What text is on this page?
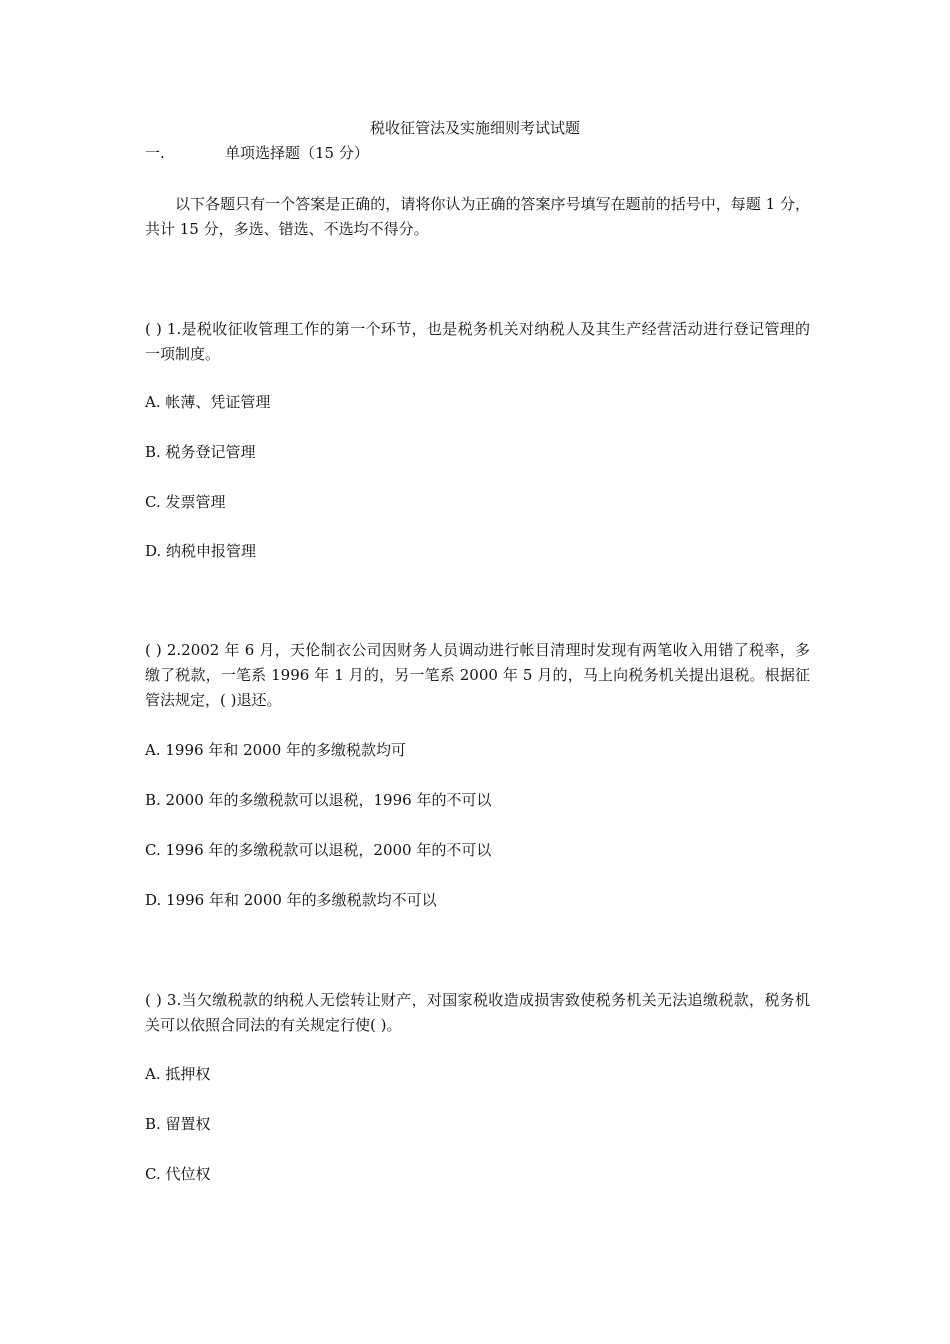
税收征管法及实施细则考试试题
一.	单项选择题（15 分）
以下各题只有一个答案是正确的，请将你认为正确的答案序号填写在题前的括号中，每题 1 分，共计 15 分，多选、错选、不选均不得分。
( ) 1.是税收征收管理工作的第一个环节，也是税务机关对纳税人及其生产经营活动进行登记管理的一项制度。
A. 帐薄、凭证管理
B. 税务登记管理
C. 发票管理
D. 纳税申报管理
( ) 2.2002 年 6 月，天伦制衣公司因财务人员调动进行帐目清理时发现有两笔收入用错了税率，多缴了税款，一笔系 1996 年 1 月的，另一笔系 2000 年 5 月的，马上向税务机关提出退税。根据征管法规定，( )退还。
A. 1996 年和 2000 年的多缴税款均可
B. 2000 年的多缴税款可以退税，1996 年的不可以
C. 1996 年的多缴税款可以退税，2000 年的不可以
D. 1996 年和 2000 年的多缴税款均不可以
( ) 3.当欠缴税款的纳税人无偿转让财产，对国家税收造成损害致使税务机关无法追缴税款，税务机关可以依照合同法的有关规定行使( )。
A. 抵押权
B. 留置权
C. 代位权
